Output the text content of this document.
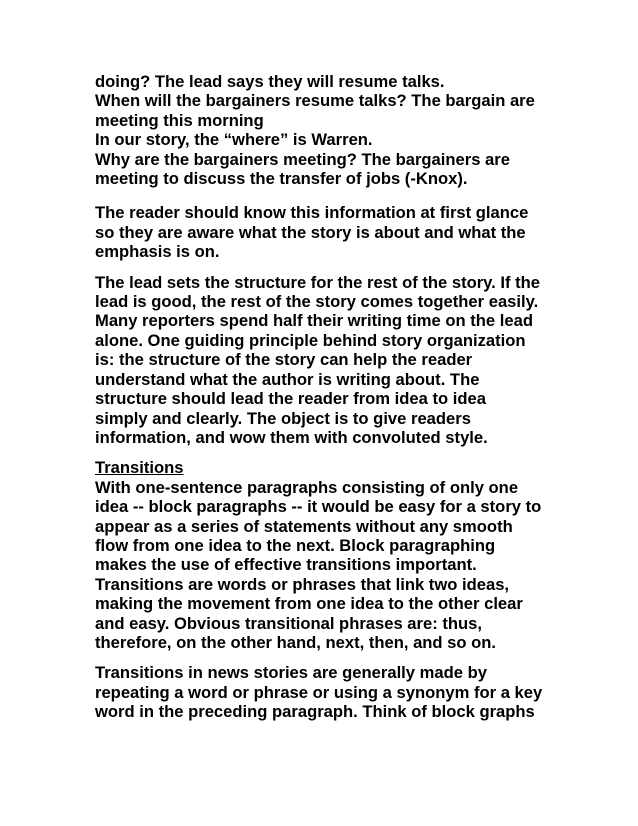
doing? The lead says they will resume talks.
When will the bargainers resume talks? The bargain are
meeting this morning
In our story, the “where” is Warren.
Why are the bargainers meeting? The bargainers are
meeting to discuss the transfer of jobs (-Knox).
The reader should know this information at first glance
so they are aware what the story is about and what the
emphasis is on.
The lead sets the structure for the rest of the story. If the
lead is good, the rest of the story comes together easily.
Many reporters spend half their writing time on the lead
alone. One guiding principle behind story organization
is: the structure of the story can help the reader
understand what the author is writing about. The
structure should lead the reader from idea to idea
simply and clearly. The object is to give readers
information, and wow them with convoluted style.
Transitions
With one-sentence paragraphs consisting of only one
idea -- block paragraphs -- it would be easy for a story to
appear as a series of statements without any smooth
flow from one idea to the next. Block paragraphing
makes the use of effective transitions important.
Transitions are words or phrases that link two ideas,
making the movement from one idea to the other clear
and easy. Obvious transitional phrases are: thus,
therefore, on the other hand, next, then, and so on.
Transitions in news stories are generally made by
repeating a word or phrase or using a synonym for a key
word in the preceding paragraph. Think of block graphs
